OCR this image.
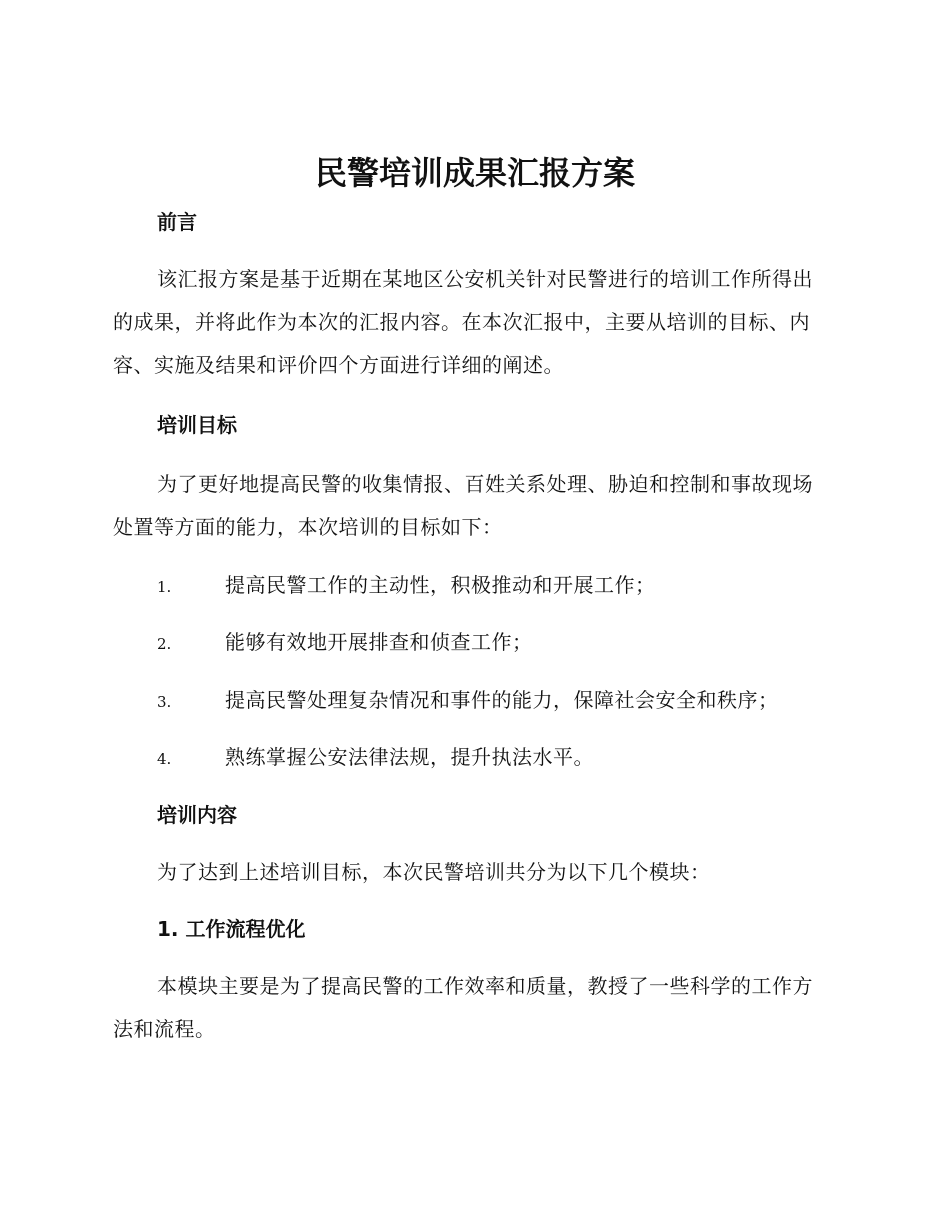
民警培训成果汇报方案
前言

该汇报方案是基于近期在某地区公安机关针对民警进行的培训工作所得出的成果，并将此作为本次的汇报内容。在本次汇报中，主要从培训的目标、内容、实施及结果和评价四个方面进行详细的阐述。

培训目标

为了更好地提高民警的收集情报、百姓关系处理、胁迫和控制和事故现场处置等方面的能力，本次培训的目标如下：

1.	提高民警工作的主动性，积极推动和开展工作；
2.	能够有效地开展排查和侦查工作；
3.	提高民警处理复杂情况和事件的能力，保障社会安全和秩序；
4.	熟练掌握公安法律法规，提升执法水平。
培训内容

为了达到上述培训目标，本次民警培训共分为以下几个模块：

1. 工作流程优化

本模块主要是为了提高民警的工作效率和质量，教授了一些科学的工作方法和流程。
